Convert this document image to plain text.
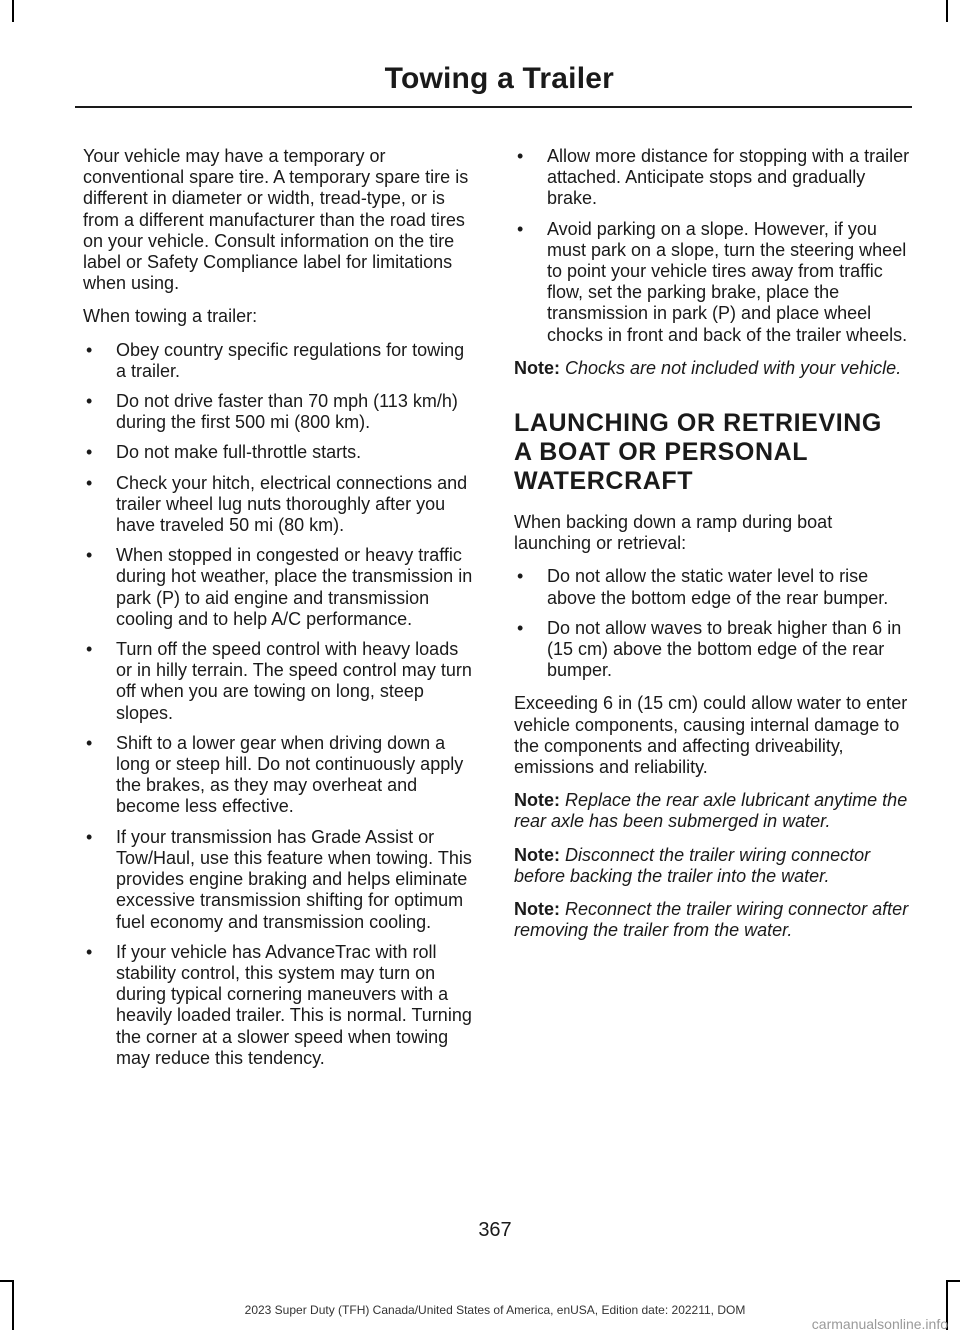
Towing a Trailer

Your vehicle may have a temporary or conventional spare tire. A temporary spare tire is different in diameter or width, tread-type, or is from a different manufacturer than the road tires on your vehicle. Consult information on the tire label or Safety Compliance label for limitations when using.

When towing a trailer:

• Obey country specific regulations for towing a trailer.
• Do not drive faster than 70 mph (113 km/h) during the first 500 mi (800 km).
• Do not make full-throttle starts.
• Check your hitch, electrical connections and trailer wheel lug nuts thoroughly after you have traveled 50 mi (80 km).
• When stopped in congested or heavy traffic during hot weather, place the transmission in park (P) to aid engine and transmission cooling and to help A/C performance.
• Turn off the speed control with heavy loads or in hilly terrain. The speed control may turn off when you are towing on long, steep slopes.
• Shift to a lower gear when driving down a long or steep hill. Do not continuously apply the brakes, as they may overheat and become less effective.
• If your transmission has Grade Assist or Tow/Haul, use this feature when towing. This provides engine braking and helps eliminate excessive transmission shifting for optimum fuel economy and transmission cooling.
• If your vehicle has AdvanceTrac with roll stability control, this system may turn on during typical cornering maneuvers with a heavily loaded trailer. This is normal. Turning the corner at a slower speed when towing may reduce this tendency.
• Allow more distance for stopping with a trailer attached. Anticipate stops and gradually brake.
• Avoid parking on a slope. However, if you must park on a slope, turn the steering wheel to point your vehicle tires away from traffic flow, set the parking brake, place the transmission in park (P) and place wheel chocks in front and back of the trailer wheels.

Note: Chocks are not included with your vehicle.

LAUNCHING OR RETRIEVING
A BOAT OR PERSONAL
WATERCRAFT

When backing down a ramp during boat launching or retrieval:

• Do not allow the static water level to rise above the bottom edge of the rear bumper.
• Do not allow waves to break higher than 6 in (15 cm) above the bottom edge of the rear bumper.

Exceeding 6 in (15 cm) could allow water to enter vehicle components, causing internal damage to the components and affecting driveability, emissions and reliability.

Note: Replace the rear axle lubricant anytime the rear axle has been submerged in water.

Note: Disconnect the trailer wiring connector before backing the trailer into the water.

Note: Reconnect the trailer wiring connector after removing the trailer from the water.

367
2023 Super Duty (TFH) Canada/United States of America, enUSA, Edition date: 202211, DOM
carmanualsonline.info
